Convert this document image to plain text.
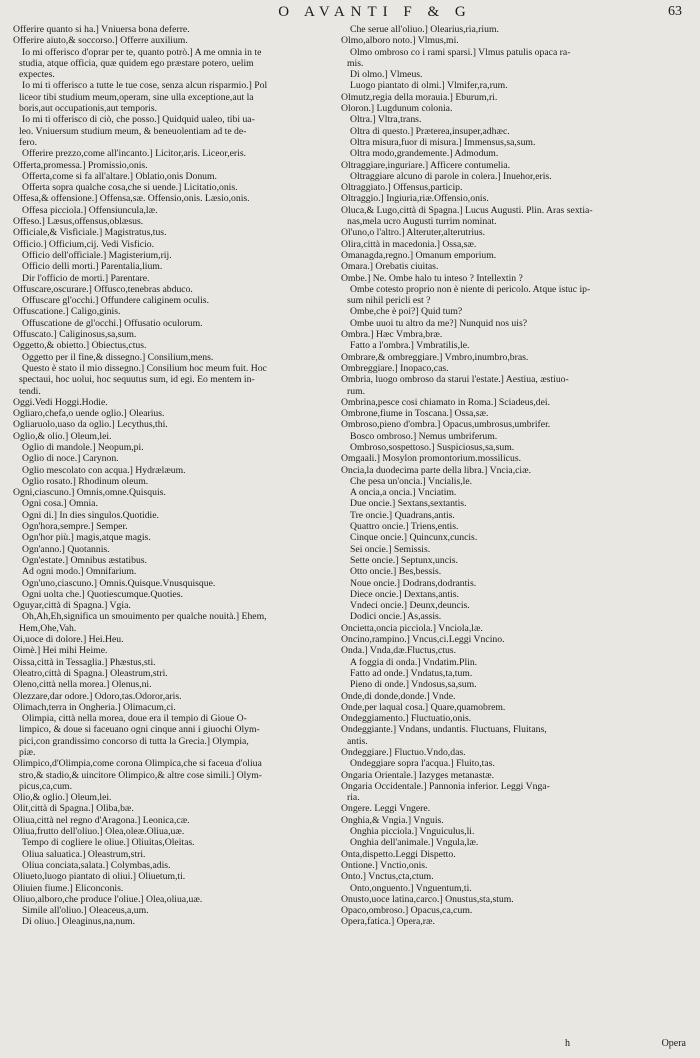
O AVANTI F & G	63
Offerire quanto si ha.] Vniuersa bona deferre.
Offerire aiuto,& soccorso.] Offerre auxilium.
Io mi offerisco d'oprar per te, quanto potrò.] A me omnia in te
studia, atque officia, quæ quidem ego præstare potero, uelim
expectes.
Io mi ti offerisco a tutte le tue cose, senza alcun risparmio.] Pol
liceor tibi studium meum,operam, sine ulla exceptione,aut la
boris,aut occupationis,aut temporis.
Io mi ti offerisco di ciò, che posso.] Quidquid ualeo, tibi ua-
leo. Vniuersum studium meum, & beneuolentiam ad te de-
fero.
Offerire prezzo,come all'incanto.] Licitor,aris. Liceor,eris.
Offerta,promessa.] Promissio,onis.
Offerta,come si fa all'altare.] Oblatio,onis Donum.
Offerta sopra qualche cosa,che si uende.] Licitatio,onis.
Offesa,& offensione.] Offensa,sæ. Offensio,onis. Læsio,onis.
Offesa picciola.] Offensiuncula,læ.
Offeso.] Læsus,offensus,oblæsus.
Officiale,& Visficiale.] Magistratus,tus.
Officio.] Officium,cij. Vedi Visficio.
Officio dell'officiale.] Magisterium,rij.
Officio delli morti.] Parentalia,lium.
Dir l'officio de morti.] Parentare.
Offuscare,oscurare.] Offusco,tenebras abduco.
Offuscare gl'occhi.] Offundere caliginem oculis.
Offuscatione.] Caligo,ginis.
Offuscatione de gl'occhi.] Offusatio oculorum.
Offuscato.] Caliginosus,sa,sum.
Oggetto,& obietto.] Obiectus,ctus.
Oggetto per il fine,& dissegno.] Consilium,mens.
Questo è stato il mio dissegno.] Consilium hoc meum fuit. Hoc
spectaui, hoc uolui, hoc sequutus sum, id egi. Eo mentem in-
tendi.
Oggi.Vedi Hoggi.Hodie.
Ogliaro,chefa,o uende oglio.] Olearius.
Ogliaruolo,uaso da oglio.] Lecythus,thi.
Oglio,& olio.] Oleum,lei.
Oglio di mandole.] Neopum,pi.
Oglio di noce.] Carynon.
Oglio mescolato con acqua.] Hydrælæum.
Oglio rosato.] Rhodinum oleum.
Ogni,ciascuno.] Omnis,omne.Quisquis.
Ogni cosa.] Omnia.
Ogni di.] In dies singulos.Quotidie.
Ogn'hora,sempre.] Semper.
Ogn'hor più.] magis,atque magis.
Ogn'anno.] Quotannis.
Ogn'estate.] Omnibus æstatibus.
Ad ogni modo.] Omnifarium.
Ogn'uno,ciascuno.] Omnis.Quisque.Vnusquisque.
Ogni uolta che.] Quotiescumque.Quoties.
Oguyar,città di Spagna.] Vgia.
Oh,Ah,Eh,significa un smouimento per qualche nouità.] Ehem,
Hem,Ohe,Vah.
Oi,uoce di dolore.] Hei.Heu.
Oimè.] Hei mihi Heime.
Oissa,città in Tessaglia.] Phæstus,sti.
Oleatro,città di Spagna.] Oleastrum,stri.
Oleno,città nella morea.] Olenus,ni.
Olezzare,dar odore.] Odoro,tas.Odoror,aris.
Olimach,terra in Ongheria.] Olimacum,ci.
Olimpia, città nella morea, doue era il tempio di Gioue O-
limpico, & doue si faceuano ogni cinque anni i giuochi Olym-
pici,con grandissimo concorso di tutta la Grecia.] Olympia,
piæ.
Olimpico,d'Olimpia,come corona Olimpica,che si faceua d'oliua
stro,& stadio,& uincitore Olimpico,& altre cose simili.] Olym-
picus,ca,cum.
Olio,& oglio.] Oleum,lei.
Olit,città di Spagna.] Oliba,bæ.
Oliua,città nel regno d'Aragona.] Leonica,cæ.
Oliua,frutto dell'oliuo.] Olea,oleæ.Oliua,uæ.
Tempo di cogliere le oliue.] Oliuitas,Oleitas.
Oliua saluatica.] Oleastrum,stri.
Oliua conciata,salata.] Colymbas,adis.
Oliueto,luogo piantato di oliui.] Oliuetum,ti.
Oliuien fiume.] Eliconconis.
Oliuo,alboro,che produce l'oliue.] Olea,oliua,uæ.
Simile all'oliuo.] Oleaceus,a,um.
Di oliuo.] Oleaginus,na,num.
Che serue all'oliuo.] Olearius,ria,rium.
Olmo,alboro noto.] Vlmus,mi.
Olmo ombroso co i rami sparsi.] Vlmus patulis opaca ra-
mis.
Di olmo.] Vlmeus.
Luogo piantato di olmi.] Vlmifer,ra,rum.
Olmutz,regia della morauia.] Eburum,ri.
Oloron.] Lugdunum colonia.
Oltra.] Vltra,trans.
Oltra di questo.] Præterea,insuper,adhæc.
Oltra misura,fuor di misura.] Immensus,sa,sum.
Oltra modo,grandemente.] Admodum.
Oltraggiare,inguriare.] Afficere contumelia.
Oltraggiare alcuno di parole in colera.] Inuehor,eris.
Oltraggiato.] Offensus,particip.
Oltraggio.] Ingiuria,riæ.Offensio,onis.
Oluca,& Lugo,città di Spagna.] Lucus Augusti. Plin. Aras sextia-
nas,mela ucro Augusti turrim nominat.
Ol'uno,o l'altro.] Alteruter,alterutrius.
Olira,città in macedonia.] Ossa,sæ.
Omanagda,regno.] Omanum emporium.
Omara.] Orebatis ciuitas.
Ombe.] Ne. Ombe halo tu inteso ? Intellextin ?
Ombe cotesto proprio non è niente di pericolo. Atque istuc ip-
sum nihil pericli est ?
Ombe,che è poi?] Quid tum?
Ombe uuoi tu altro da me?] Nunquid nos uis?
Ombra.] Hæc Vmbra,bræ.
Fatto a l'ombra.] Vmbratilis,le.
Ombrare,& ombreggiare.] Vmbro,inumbro,bras.
Ombreggiare.] Inopaco,cas.
Ombria, luogo ombroso da starui l'estate.] Aestiua, æstiuo-
rum.
Ombrina,pesce cosi chiamato in Roma.] Sciadeus,dei.
Ombrone,fiume in Toscana.] Ossa,sæ.
Ombroso,pieno d'ombra.] Opacus,umbrosus,umbrifer.
Bosco ombroso.] Nemus umbriferum.
Ombroso,sospettoso.] Suspiciosus,sa,sum.
Omgaali.] Mosylon promontorium.mossilicus.
Oncia,la duodecima parte della libra.] Vncia,ciæ.
Che pesa un'oncia.] Vncialis,le.
A oncia,a oncia.] Vnciatim.
Due oncie.] Sextans,sextantis.
Tre oncie.] Quadrans,antis.
Quattro oncie.] Triens,entis.
Cinque oncie.] Quincunx,cuncis.
Sei oncie.] Semissis.
Sette oncie.] Septunx,uncis.
Otto oncie.] Bes,bessis.
Noue oncie.] Dodrans,dodrantis.
Diece oncie.] Dextans,antis.
Vndeci oncie.] Deunx,deuncis.
Dodici oncie.] As,assis.
Oncietta,oncia picciola.] Vnciola,læ.
Oncino,rampino.] Vncus,ci.Leggi Vncino.
Onda.] Vnda,dæ.Fluctus,ctus.
A foggia di onda.] Vndatim.Plin.
Fatto ad onde.] Vndatus,ta,tum.
Pieno di onde.] Vndosus,sa,sum.
Onde,di donde,donde.] Vnde.
Onde,per laqual cosa.] Quare,quamobrem.
Ondeggiamento.] Fluctuatio,onis.
Ondeggiante.] Vndans, undantis. Fluctuans, Fluitans,
antis.
Ondeggiare.] Fluctuo.Vndo,das.
Ondeggiare sopra l'acqua.] Fluito,tas.
Ongaria Orientale.] Iazyges metanastæ.
Ongaria Occidentale.] Pannonia inferior. Leggi Vnga-
ria.
Ongere. Leggi Vngere.
Onghia,& Vngia.] Vnguis.
Onghia picciola.] Vnguiculus,li.
Onghia dell'animale.] Vngula,læ.
Onta,dispetto.Leggi Dispetto.
Ontione.] Vnctio,onis.
Onto.] Vnctus,cta,ctum.
Onto,onguento.] Vnguentum,ti.
Onusto,uoce latina,carco.] Onustus,sta,stum.
Opaco,ombroso.] Opacus,ca,cum.
Opera,fatica.] Opera,ræ.
h	Opera
